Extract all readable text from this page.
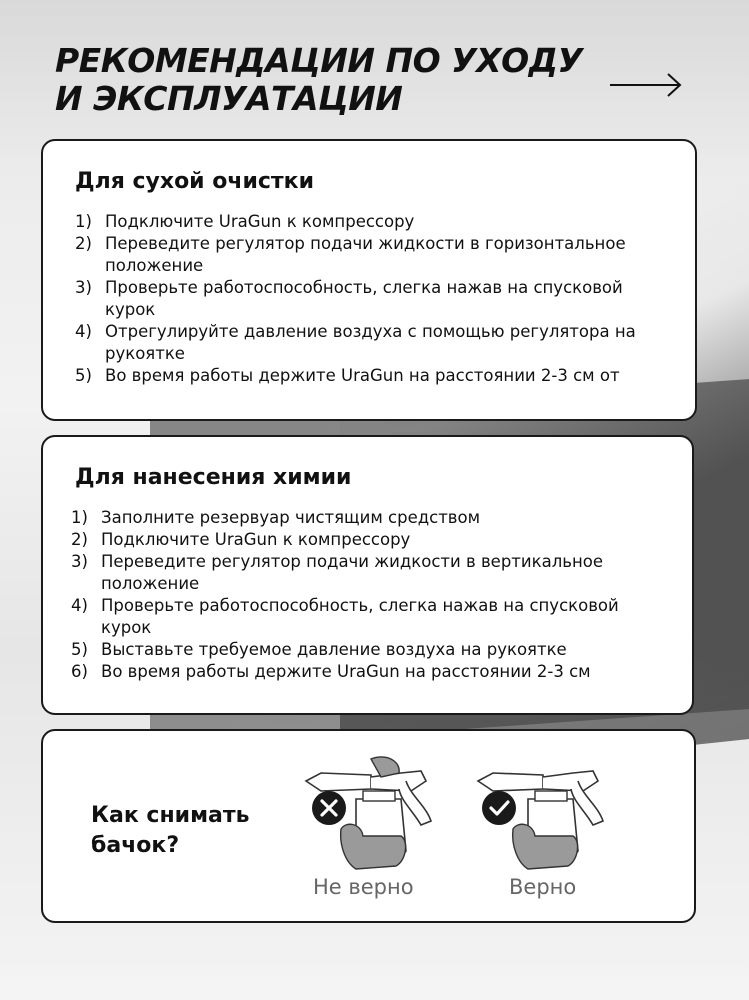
РЕКОМЕНДАЦИИ ПО УХОДУ
И ЭКСПЛУАТАЦИИ
Для сухой очистки
1) Подключите UraGun к компрессору
2) Переведите регулятор подачи жидкости в горизонтальное положение
3) Проверьте работоспособность, слегка нажав на спусковой курок
4) Отрегулируйте давление воздуха с помощью регулятора на рукоятке
5) Во время работы держите UraGun на расстоянии 2-3 см от
Для нанесения химии
1) Заполните резервуар чистящим средством
2) Подключите UraGun к компрессору
3) Переведите регулятор подачи жидкости в вертикальное положение
4) Проверьте работоспособность, слегка нажав на спусковой курок
5) Выставьте требуемое давление воздуха на рукоятке
6) Во время работы держите UraGun на расстоянии 2-3 см

Как снимать
бачок?

Не верно	Верно
